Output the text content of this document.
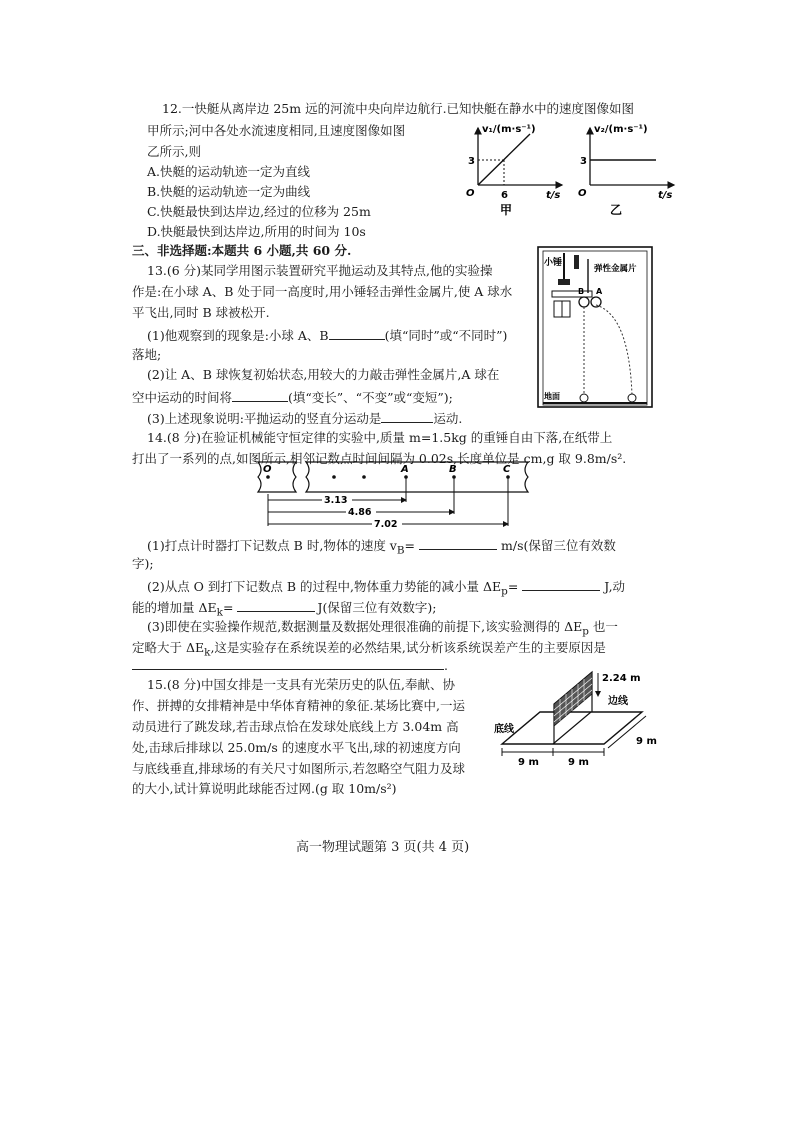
12.一快艇从离岸边 25m 远的河流中央向岸边航行.已知快艇在静水中的速度图像如图
甲所示;河中各处水流速度相同,且速度图像如图
乙所示,则
A.快艇的运动轨迹一定为直线
B.快艇的运动轨迹一定为曲线
C.快艇最快到达岸边,经过的位移为 25m
D.快艇最快到达岸边,所用的时间为 10s
v₁/(m·s⁻¹)
t/s
3
6
O
甲
v₂/(m·s⁻¹)
t/s
3
O
乙
三、非选择题:本题共 6 小题,共 60 分.
13.(6 分)某同学用图示装置研究平抛运动及其特点,他的实验操
作是:在小球 A、B 处于同一高度时,用小锤轻击弹性金属片,使 A 球水
平飞出,同时 B 球被松开.
(1)他观察到的现象是:小球 A、B	(填“同时”或“不同时”)
落地;
(2)让 A、B 球恢复初始状态,用较大的力敲击弹性金属片,A 球在
空中运动的时间将	(填“变长”、“不变”或“变短”);
(3)上述现象说明:平抛运动的竖直分运动是	运动.
小锤
弹性金属片
B A
地面
14.(8 分)在验证机械能守恒定律的实验中,质量 m=1.5kg 的重锤自由下落,在纸带上
打出了一系列的点,如图所示,相邻记数点时间间隔为 0.02s,长度单位是 cm,g 取 9.8m/s².
O	A	B	C
3.13
4.86
7.02
(1)打点计时器打下记数点 B 时,物体的速度 $v_B=$	m/s(保留三位有效数
字);
(2)从点 O 到打下记数点 B 的过程中,物体重力势能的减小量 $\Delta E_p=$	J,动
能的增加量 $\Delta E_k=$	J(保留三位有效数字);
(3)即使在实验操作规范,数据测量及数据处理很准确的前提下,该实验测得的 $\Delta E_p$ 也一
定略大于 $\Delta E_k$,这是实验存在系统误差的必然结果,试分析该系统误差产生的主要原因是
.
15.(8 分)中国女排是一支具有光荣历史的队伍,奉献、协
作、拼搏的女排精神是中华体育精神的象征.某场比赛中,一运
动员进行了跳发球,若击球点恰在发球处底线上方 3.04m 高
处,击球后排球以 25.0m/s 的速度水平飞出,球的初速度方向
与底线垂直,排球场的有关尺寸如图所示,若忽略空气阻力及球
的大小,试计算说明此球能否过网.(g 取 10m/s²)
2.24 m
边线
底线
9 m
9 m	9 m
高一物理试题第 3 页(共 4 页)
